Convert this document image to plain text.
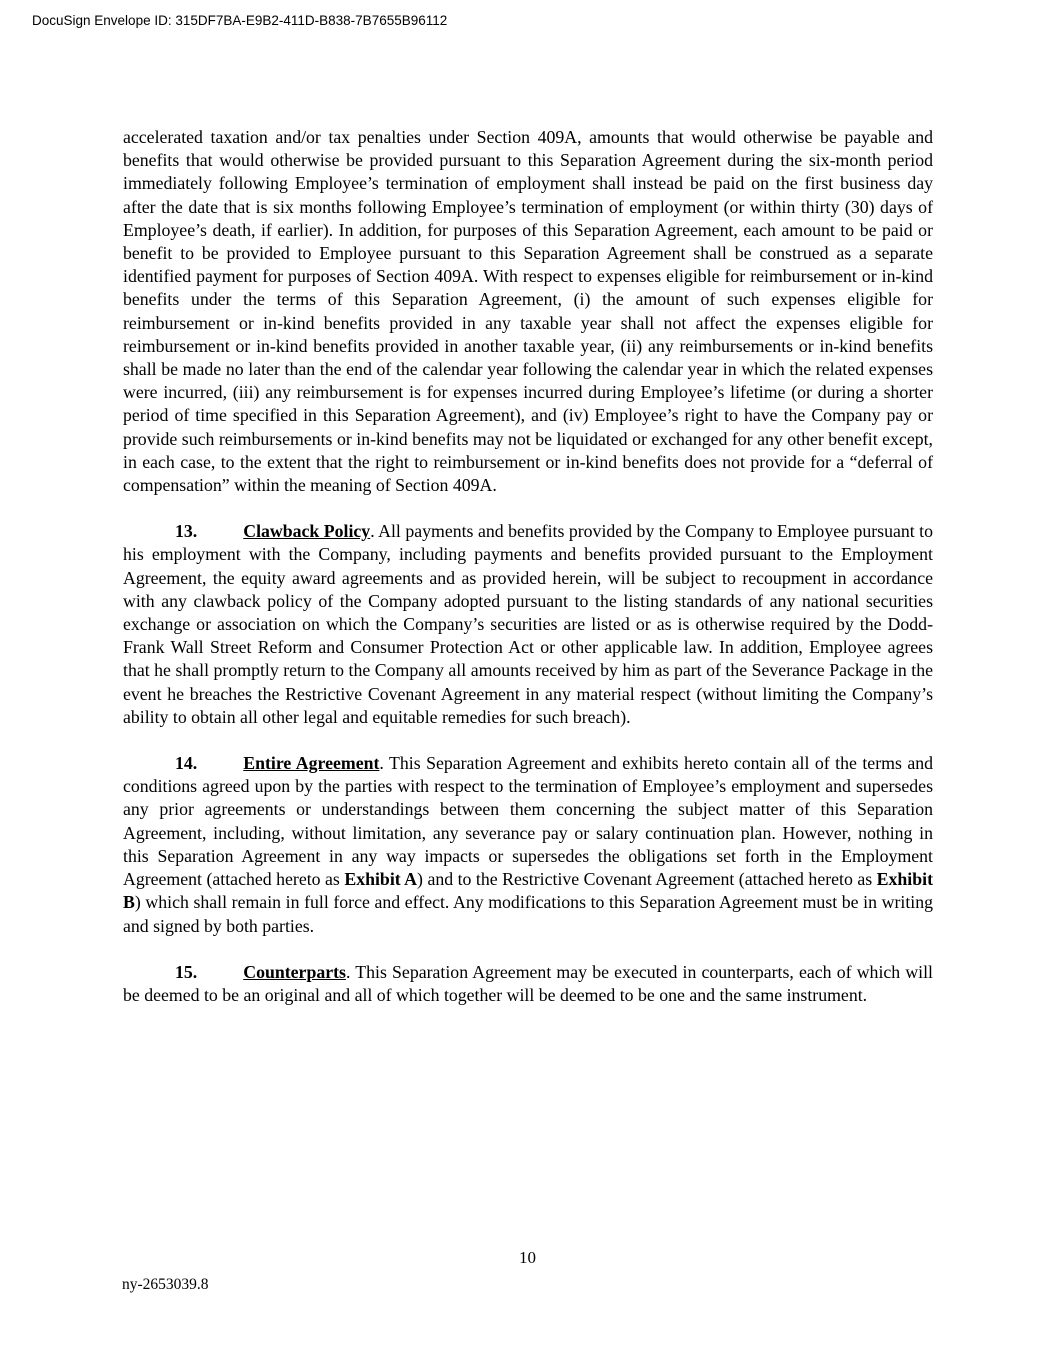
DocuSign Envelope ID: 315DF7BA-E9B2-411D-B838-7B7655B96112

accelerated taxation and/or tax penalties under Section 409A, amounts that would otherwise be payable and benefits that would otherwise be provided pursuant to this Separation Agreement during the six-month period immediately following Employee’s termination of employment shall instead be paid on the first business day after the date that is six months following Employee’s termination of employment (or within thirty (30) days of Employee’s death, if earlier). In addition, for purposes of this Separation Agreement, each amount to be paid or benefit to be provided to Employee pursuant to this Separation Agreement shall be construed as a separate identified payment for purposes of Section 409A. With respect to expenses eligible for reimbursement or in-kind benefits under the terms of this Separation Agreement, (i) the amount of such expenses eligible for reimbursement or in-kind benefits provided in any taxable year shall not affect the expenses eligible for reimbursement or in-kind benefits provided in another taxable year, (ii) any reimbursements or in-kind benefits shall be made no later than the end of the calendar year following the calendar year in which the related expenses were incurred, (iii) any reimbursement is for expenses incurred during Employee’s lifetime (or during a shorter period of time specified in this Separation Agreement), and (iv) Employee’s right to have the Company pay or provide such reimbursements or in-kind benefits may not be liquidated or exchanged for any other benefit except, in each case, to the extent that the right to reimbursement or in-kind benefits does not provide for a “deferral of compensation” within the meaning of Section 409A.

13.	Clawback Policy. All payments and benefits provided by the Company to Employee pursuant to his employment with the Company, including payments and benefits provided pursuant to the Employment Agreement, the equity award agreements and as provided herein, will be subject to recoupment in accordance with any clawback policy of the Company adopted pursuant to the listing standards of any national securities exchange or association on which the Company’s securities are listed or as is otherwise required by the Dodd-Frank Wall Street Reform and Consumer Protection Act or other applicable law. In addition, Employee agrees that he shall promptly return to the Company all amounts received by him as part of the Severance Package in the event he breaches the Restrictive Covenant Agreement in any material respect (without limiting the Company’s ability to obtain all other legal and equitable remedies for such breach).

14.	Entire Agreement. This Separation Agreement and exhibits hereto contain all of the terms and conditions agreed upon by the parties with respect to the termination of Employee’s employment and supersedes any prior agreements or understandings between them concerning the subject matter of this Separation Agreement, including, without limitation, any severance pay or salary continuation plan. However, nothing in this Separation Agreement in any way impacts or supersedes the obligations set forth in the Employment Agreement (attached hereto as Exhibit A) and to the Restrictive Covenant Agreement (attached hereto as Exhibit B) which shall remain in full force and effect. Any modifications to this Separation Agreement must be in writing and signed by both parties.

15.	Counterparts. This Separation Agreement may be executed in counterparts, each of which will be deemed to be an original and all of which together will be deemed to be one and the same instrument.

10
ny-2653039.8
